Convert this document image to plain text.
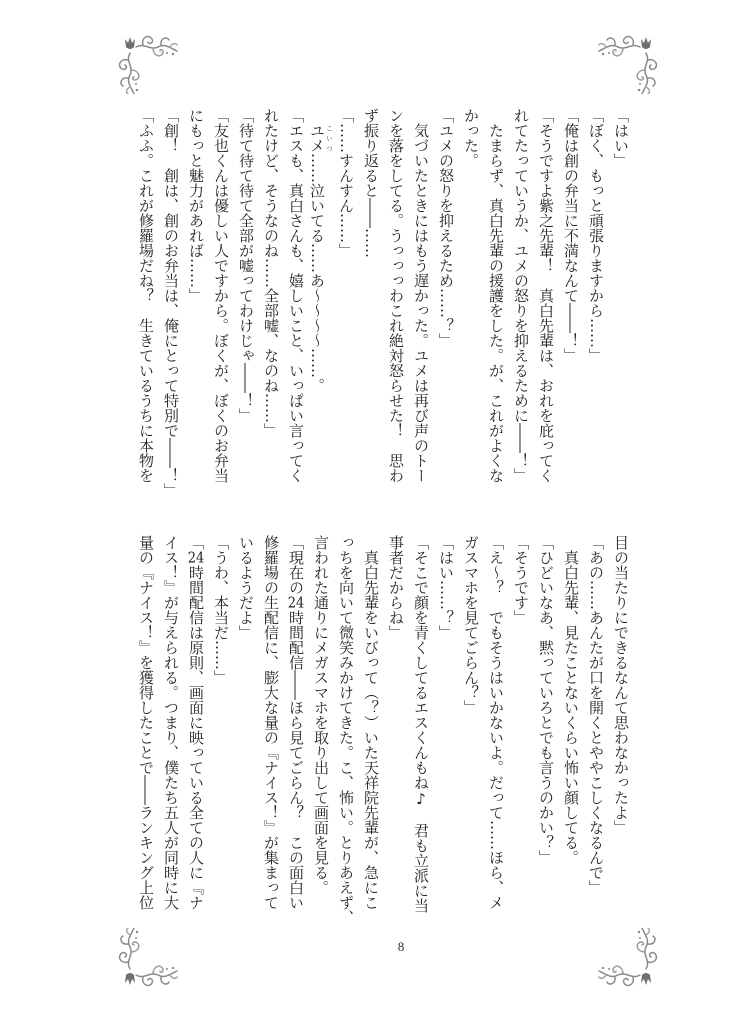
「はい」
「ぼく、もっと頑張りますから……」
「俺は創の弁当に不満なんて――！」
「そうですよ紫之先輩！　真白先輩は、おれを庇ってく
れてたっていうか、ユメの怒りを抑えるために――！」
　たまらず、真白先輩の援護をした。が、これがよくな
かった。
「ユメの怒りを抑えるため……？」
　気づいたときにはもう遅かった。ユメは再び声のトー
ンを落をしてる。うっっっわこれ絶対怒らせた！　思わ
ず振り返ると――……
「……すんすん……」
　ユメ こいつ……泣いてる……あ〜〜〜〜……。
「エスも、真白さんも、嬉しいこと、いっぱい言ってく
れたけど、そうなのね……全部嘘、なのね……」
「待て待て待て全部が嘘ってわけじゃ――！」
「友也くんは優しい人ですから。ぼくが、ぼくのお弁当
にもっと魅力があれば……」
「創！　創は、創のお弁当は、俺にとって特別で――！」
「ふふ。これが修羅場だね？　生きているうちに本物を
目の当たりにできるなんて思わなかったよ」
「あの……あんたが口を開くとややこしくなるんで」
　真白先輩、見たことないくらい怖い顔してる。
「ひどいなあ、黙っていろとでも言うのかい？」
「そうです」
「え〜？　でもそうはいかないよ。だって……ほら、メ
ガスマホを見てごらん？」
「はい……？」
「そこで顔を青くしてるエスくんもね♪　君も立派に当
事者だからね」
　真白先輩をいびって（？）いた天祥院先輩が、急にこ
っちを向いて微笑みかけてきた。こ、怖い。とりあえず、
言われた通りにメガスマホを取り出して画面を見る。
「現在の24時間配信――ほら見てごらん？　この面白い
修羅場の生配信に、膨大な量の『ナイス！』が集まって
いるようだよ」
「うわ、本当だ……」
「24時間配信は原則、画面に映っている全ての人に『ナ
イス！』が与えられる。つまり、僕たち五人が同時に大
量の『ナイス！』を獲得したことで――ランキング上位
8
